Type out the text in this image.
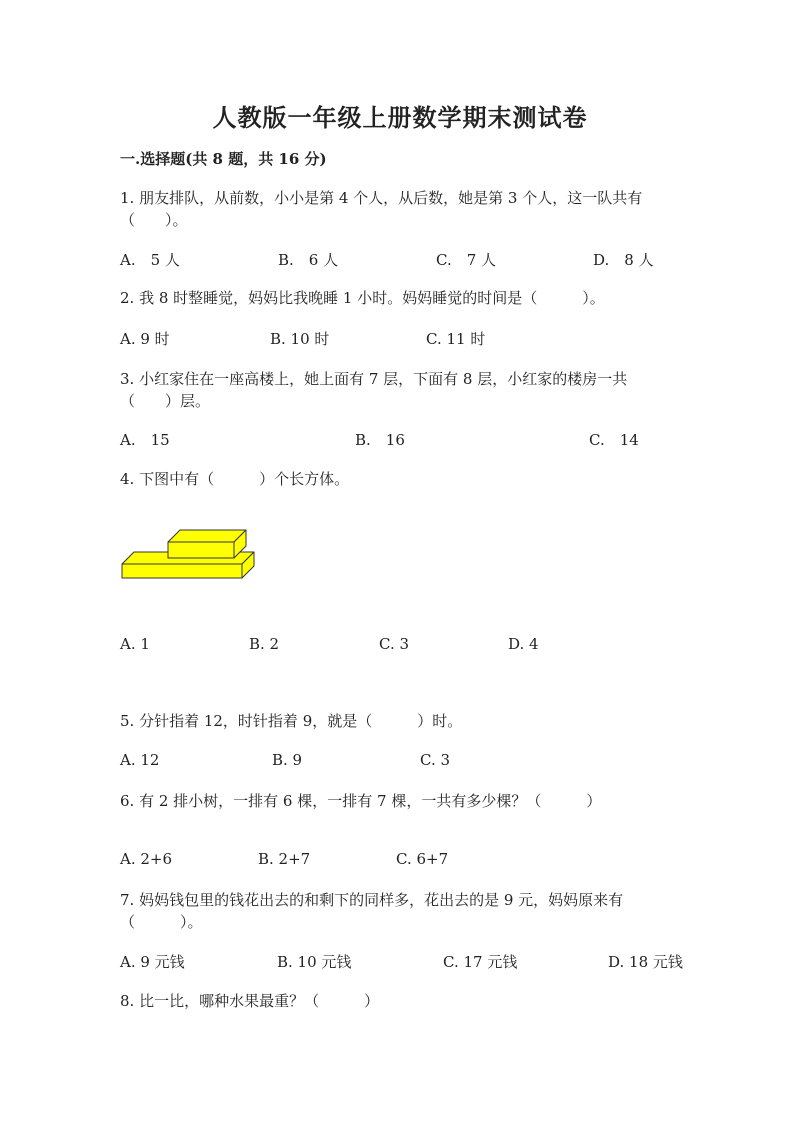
人教版一年级上册数学期末测试卷
一.选择题(共 8 题，共 16 分)
1. 朋友排队，从前数，小小是第 4 个人，从后数，她是第 3 个人，这一队共有
（　　）。
A.　5 人	B.　6 人	C.　7 人	D.　8 人
2. 我 8 时整睡觉，妈妈比我晚睡 1 小时。妈妈睡觉的时间是（　　　）。
A. 9 时	B. 10 时	C. 11 时
3. 小红家住在一座高楼上，她上面有 7 层，下面有 8 层，小红家的楼房一共
（　　）层。
A.　15	B.　16	C.　14
4. 下图中有（　　　）个长方体。
A. 1	B. 2	C. 3	D. 4
5. 分针指着 12，时针指着 9，就是（　　　）时。
A. 12	B. 9	C. 3
6. 有 2 排小树，一排有 6 棵，一排有 7 棵，一共有多少棵？（　　　）
A. 2+6	B. 2+7	C. 6+7
7. 妈妈钱包里的钱花出去的和剩下的同样多，花出去的是 9 元，妈妈原来有
（　　　）。
A. 9 元钱	B. 10 元钱	C. 17 元钱	D. 18 元钱
8. 比一比，哪种水果最重？（　　　）
